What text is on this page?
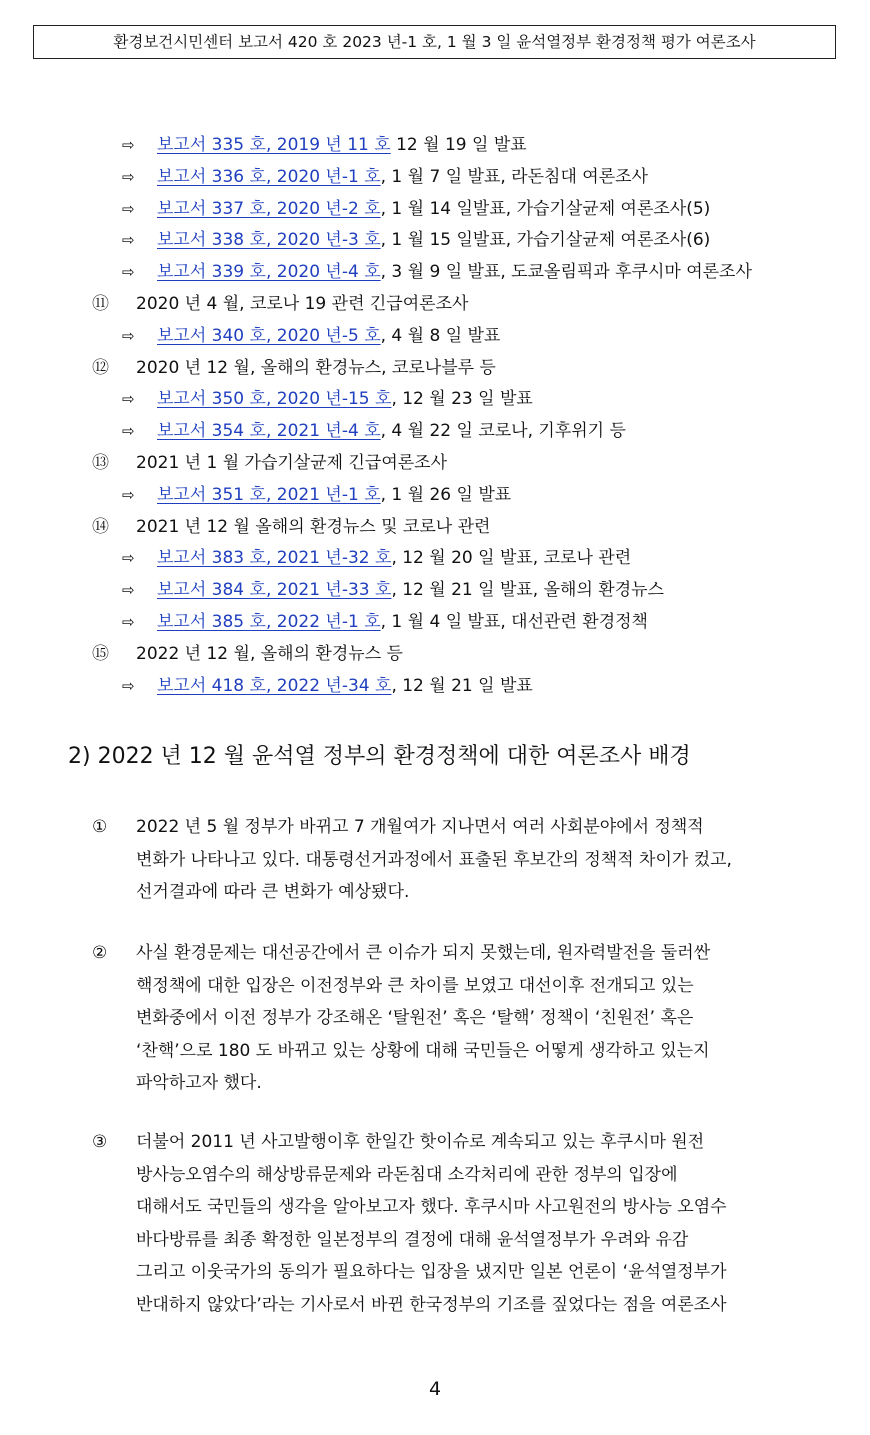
환경보건시민센터 보고서 420 호 2023 년-1 호, 1 월 3 일 윤석열정부 환경정책 평가 여론조사
⇨ 보고서 335 호, 2019 년 11 호 12 월 19 일 발표
⇨ 보고서 336 호, 2020 년-1 호, 1 월 7 일 발표, 라돈침대 여론조사
⇨ 보고서 337 호, 2020 년-2 호, 1 월 14 일발표, 가습기살균제 여론조사(5)
⇨ 보고서 338 호, 2020 년-3 호, 1 월 15 일발표, 가습기살균제 여론조사(6)
⇨ 보고서 339 호, 2020 년-4 호, 3 월 9 일 발표, 도쿄올림픽과 후쿠시마 여론조사
⑪ 2020 년 4 월, 코로나 19 관련 긴급여론조사
⇨ 보고서 340 호, 2020 년-5 호, 4 월 8 일 발표
⑫ 2020 년 12 월, 올해의 환경뉴스, 코로나블루 등
⇨ 보고서 350 호, 2020 년-15 호, 12 월 23 일 발표
⇨ 보고서 354 호, 2021 년-4 호, 4 월 22 일 코로나, 기후위기 등
⑬ 2021 년 1 월 가습기살균제 긴급여론조사
⇨ 보고서 351 호, 2021 년-1 호, 1 월 26 일 발표
⑭ 2021 년 12 월 올해의 환경뉴스 및 코로나 관련
⇨ 보고서 383 호, 2021 년-32 호, 12 월 20 일 발표, 코로나 관련
⇨ 보고서 384 호, 2021 년-33 호, 12 월 21 일 발표, 올해의 환경뉴스
⇨ 보고서 385 호, 2022 년-1 호, 1 월 4 일 발표, 대선관련 환경정책
⑮ 2022 년 12 월, 올해의 환경뉴스 등
⇨ 보고서 418 호, 2022 년-34 호, 12 월 21 일 발표
2) 2022 년 12 월 윤석열 정부의 환경정책에 대한 여론조사 배경
① 2022 년 5 월 정부가 바뀌고 7 개월여가 지나면서 여러 사회분야에서 정책적
변화가 나타나고 있다. 대통령선거과정에서 표출된 후보간의 정책적 차이가 컸고,
선거결과에 따라 큰 변화가 예상됐다.
② 사실 환경문제는 대선공간에서 큰 이슈가 되지 못했는데, 원자력발전을 둘러싼
핵정책에 대한 입장은 이전정부와 큰 차이를 보였고 대선이후 전개되고 있는
변화중에서 이전 정부가 강조해온 ‘탈원전’ 혹은 ‘탈핵’ 정책이 ‘친원전’ 혹은
‘찬핵’으로 180 도 바뀌고 있는 상황에 대해 국민들은 어떻게 생각하고 있는지
파악하고자 했다.
③ 더불어 2011 년 사고발행이후 한일간 핫이슈로 계속되고 있는 후쿠시마 원전
방사능오염수의 해상방류문제와 라돈침대 소각처리에 관한 정부의 입장에
대해서도 국민들의 생각을 알아보고자 했다. 후쿠시마 사고원전의 방사능 오염수
바다방류를 최종 확정한 일본정부의 결정에 대해 윤석열정부가 우려와 유감
그리고 이웃국가의 동의가 필요하다는 입장을 냈지만 일본 언론이 ‘윤석열정부가
반대하지 않았다’라는 기사로서 바뀐 한국정부의 기조를 짚었다는 점을 여론조사
4
